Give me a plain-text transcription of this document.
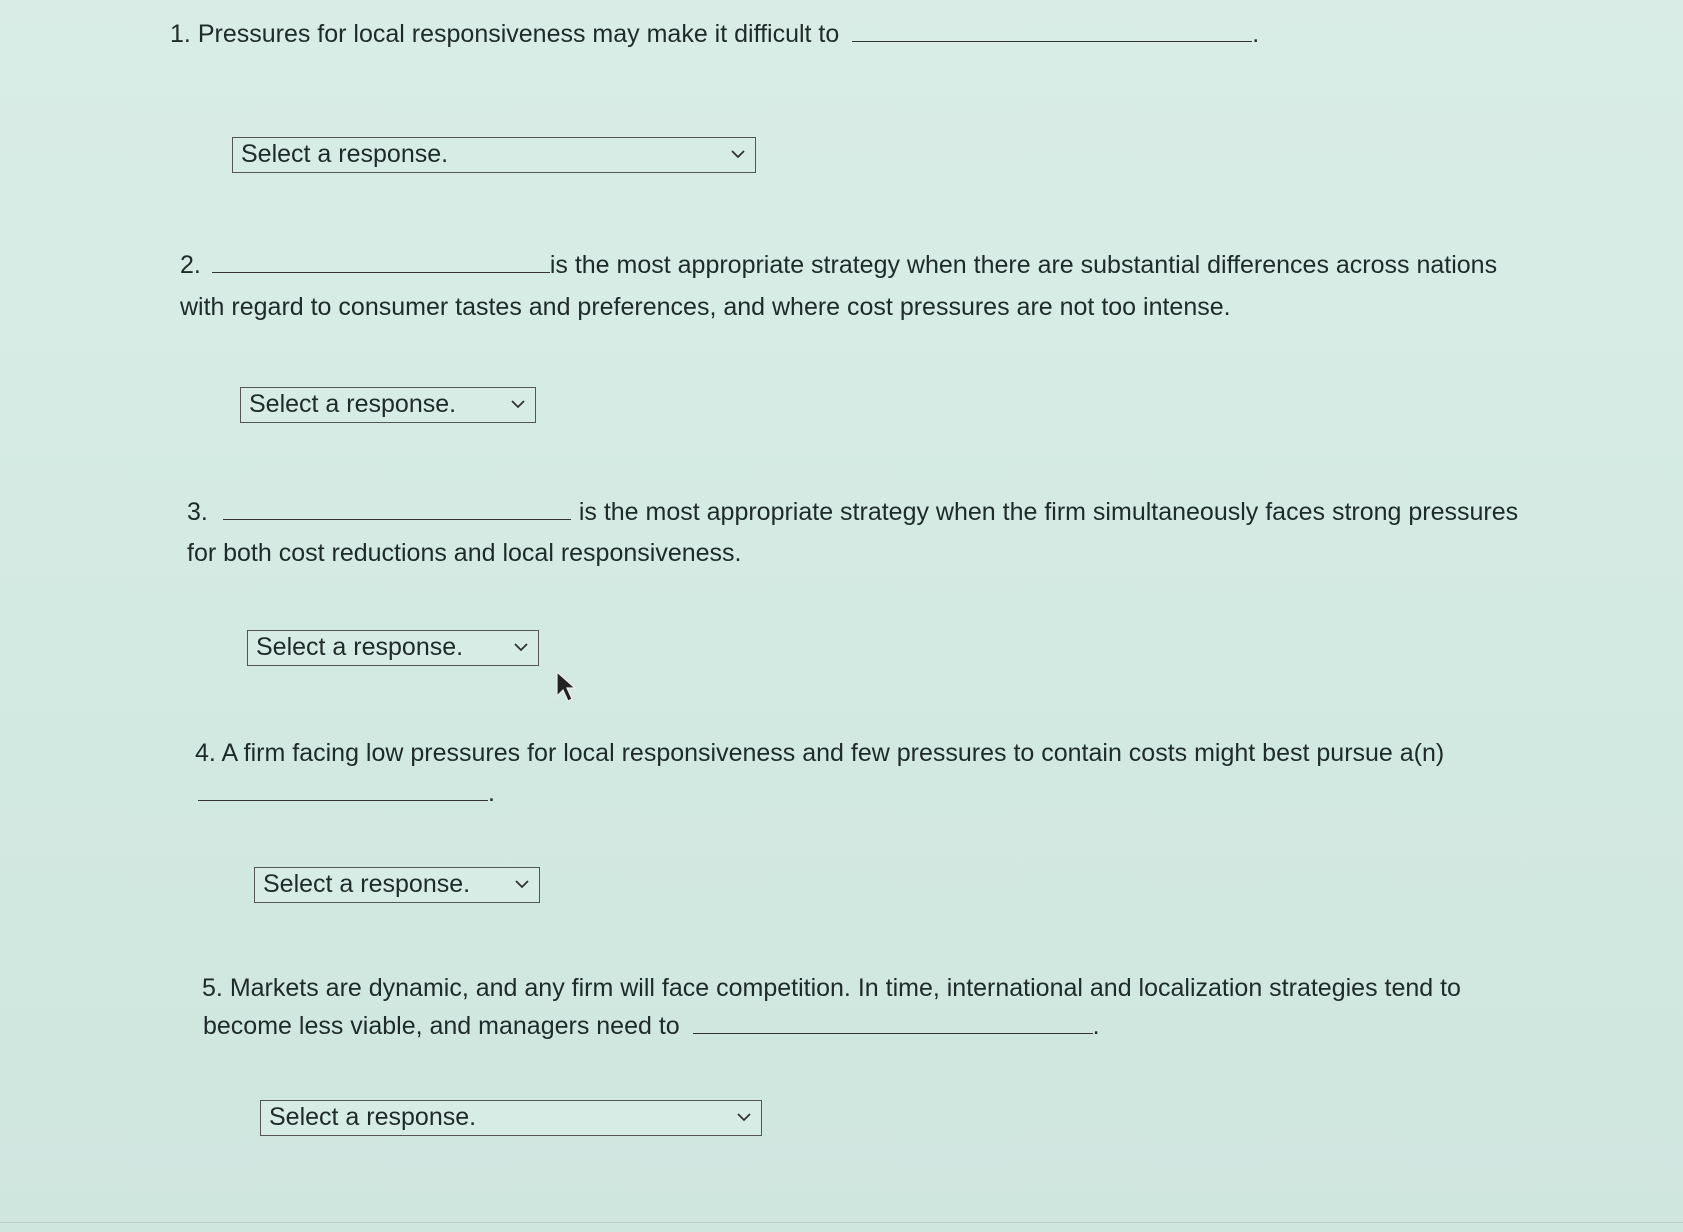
1. Pressures for local responsiveness may make it difficult to	.
Select a response.
2.	is the most appropriate strategy when there are substantial differences across nations
with regard to consumer tastes and preferences, and where cost pressures are not too intense.
Select a response.
3.	is the most appropriate strategy when the firm simultaneously faces strong pressures
for both cost reductions and local responsiveness.
Select a response.
4. A firm facing low pressures for local responsiveness and few pressures to contain costs might best pursue a(n)
.
Select a response.
5. Markets are dynamic, and any firm will face competition. In time, international and localization strategies tend to
become less viable, and managers need to	.
Select a response.
